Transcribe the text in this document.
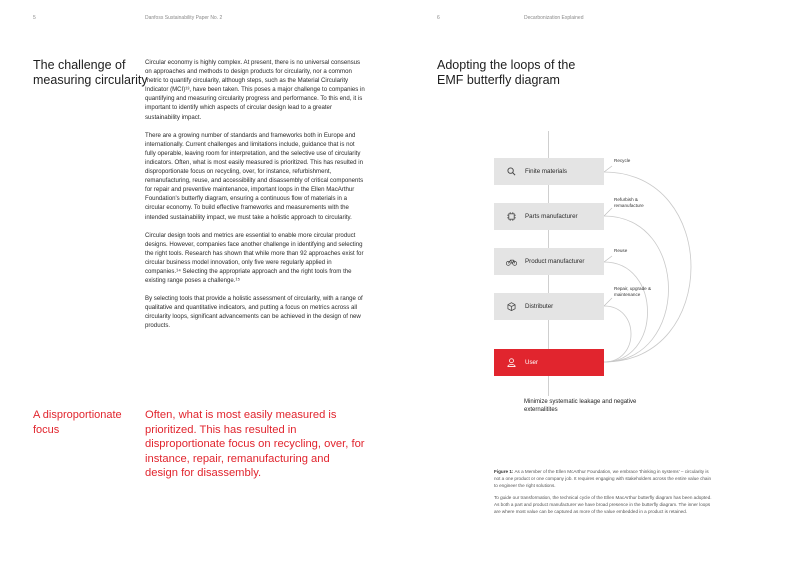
5	Danfoss Sustainability Paper No. 2	6	Decarbonization Explained
The challenge of measuring circularity

Circular economy is highly complex. At present, there is no universal consensus on approaches and methods to design products for circularity, nor a common metric to quantify circularity, although steps, such as the Material Circularity Indicator (MCI)¹³, have been taken. This poses a major challenge to companies in quantifying and measuring circularity progress and performance. To this end, it is important to identify which aspects of circular design lead to a greater sustainability impact.

There are a growing number of standards and frameworks both in Europe and internationally. Current challenges and limitations include, guidance that is not fully operable, leaving room for interpretation, and the selective use of circularity indicators. Often, what is most easily measured is prioritized. This has resulted in disproportionate focus on recycling, over, for instance, refurbishment, remanufacturing, reuse, and accessibility and disassembly of critical components for repair and preventive maintenance, important loops in the Ellen MacArthur Foundation's butterfly diagram, ensuring a continuous flow of materials in a circular economy. To build effective frameworks and measurements with the intended sustainability impact, we must take a holistic approach to circularity.

Circular design tools and metrics are essential to enable more circular product designs. However, companies face another challenge in identifying and selecting the right tools. Research has shown that while more than 92 approaches exist for circular business model innovation, only five were regularly applied in companies.¹⁴ Selecting the appropriate approach and the right tools from the existing range poses a challenge.¹⁵

By selecting tools that provide a holistic assessment of circularity, with a range of qualitative and quantitative indicators, and putting a focus on metrics across all circularity loops, significant advancements can be achieved in the design of new products.

A disproportionate focus
Often, what is most easily measured is prioritized. This has resulted in disproportionate focus on recycling, over, for instance, repair, remanufacturing and design for disassembly.
Adopting the loops of the EMF butterfly diagram
Finite materials
Parts manufacturer
Product manufacturer
Distributer
User
Recycle
Refurbish & remanufacture
Reuse
Repair, upgrade & maintenance
Minimize systematic leakage and negative externalitites

Figure 1: As a Member of the Ellen McArthur Foundation, we embrace 'thinking in systems' – circularity is not a one product or one company job. It requires engaging with stakeholders across the entire value chain to engineer the right solutions.

To guide our transformation, the technical cycle of the Ellen MacArthur butterfly diagram has been adopted. As both a part and product manufacturer we have broad presence in the butterfly diagram. The inner loops are where most value can be captured as more of the value embedded in a product is retained.
